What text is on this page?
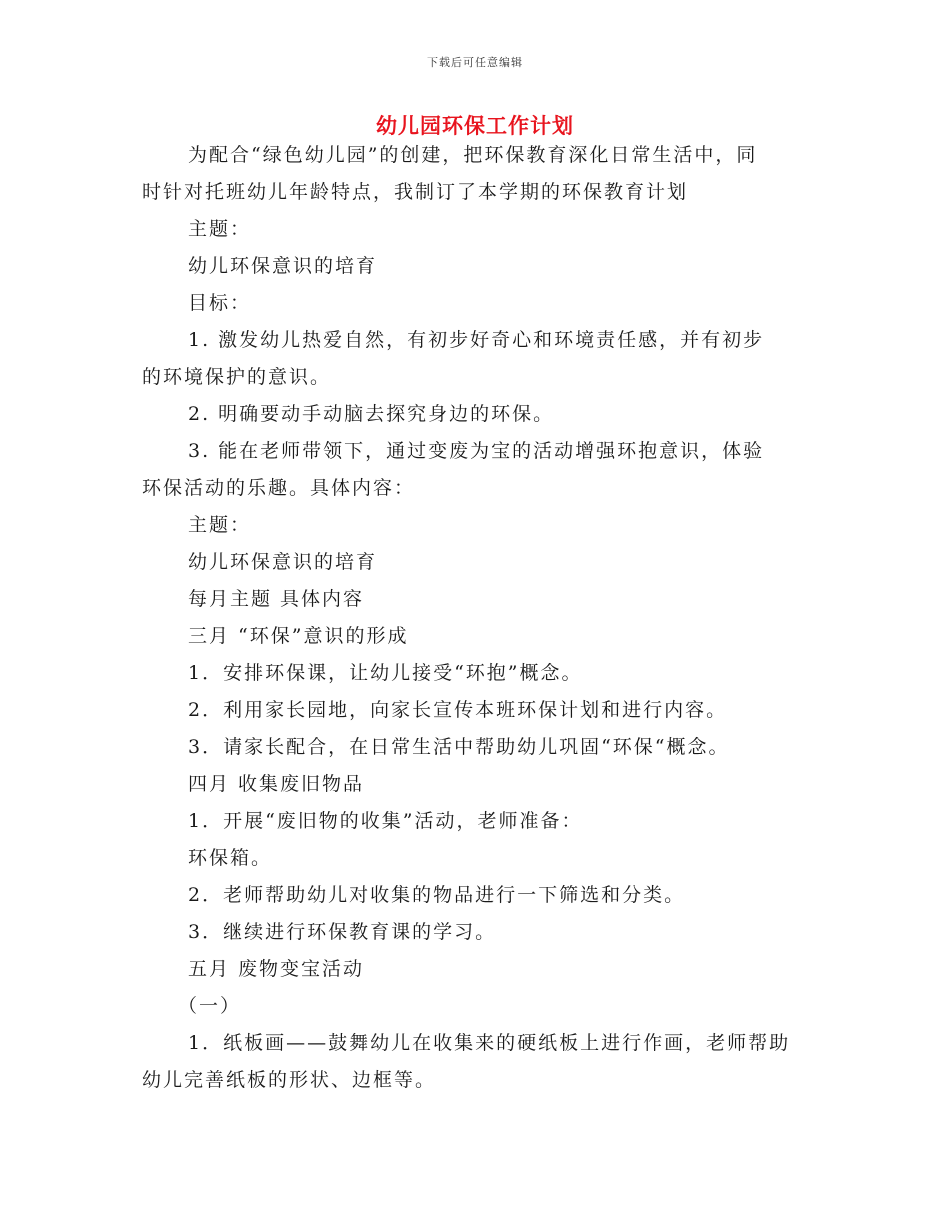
下载后可任意编辑
幼儿园环保工作计划

为配合“绿色幼儿园”的创建，把环保教育深化日常生活中，同

时针对托班幼儿年龄特点，我制订了本学期的环保教育计划

主题：

幼儿环保意识的培育

目标：

1. 激发幼儿热爱自然，有初步好奇心和环境责任感，并有初步

的环境保护的意识。

2. 明确要动手动脑去探究身边的环保。

3. 能在老师带领下，通过变废为宝的活动增强环抱意识，体验

环保活动的乐趣。具体内容：

主题：

幼儿环保意识的培育

每月主题 具体内容

三月 “环保”意识的形成

1．安排环保课，让幼儿接受“环抱”概念。

2．利用家长园地，向家长宣传本班环保计划和进行内容。

3．请家长配合，在日常生活中帮助幼儿巩固“环保“概念。

四月 收集废旧物品

1．开展“废旧物的收集”活动，老师准备：

环保箱。

2．老师帮助幼儿对收集的物品进行一下筛选和分类。

3．继续进行环保教育课的学习。

五月 废物变宝活动

（一）

1．纸板画——鼓舞幼儿在收集来的硬纸板上进行作画，老师帮助

幼儿完善纸板的形状、边框等。
